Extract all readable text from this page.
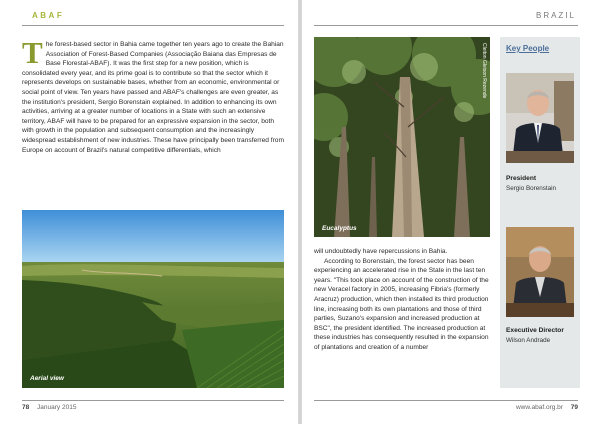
ABAF
T he forest-based sector in Bahia came together ten years ago to create the Bahian Association of Forest-Based Companies (Associação Baiana das Empresas de Base Florestal-ABAF). It was the first step for a new position, which is consolidated every year, and its prime goal is to contribute so that the sector which it represents develops on sustainable bases, whether from an economic, environmental or social point of view. Ten years have passed and ABAF's challenges are even greater, as the institution's president, Sergio Borenstain explained. In addition to enhancing its own activities, arriving at a greater number of locations in a State with such an extensive territory, ABAF will have to be prepared for an expressive expansion in the sector, both with growth in the population and subsequent consumption and the increasingly widespread establishment of new industries. These have principally been transferred from Europe on account of Brazil's natural competitive differentials, which
Aerial view
78 January 2015
BRAZIL
Cleiton Gleison Rezende
Eucalyptus
will undoubtedly have repercussions in Bahia.
According to Borenstain, the forest sector has been experiencing an accelerated rise in the State in the last ten years. "This took place on account of the construction of the new Veracel factory in 2005, increasing Fibria's (formerly Aracruz) production, which then installed its third production line, increasing both its own plantations and those of third parties, Suzano's expansion and increased production at BSC", the president identified. The increased production at these industries has consequently resulted in the expansion of plantations and creation of a number
Key People
President
Sergio Borenstain
Executive Director
Wilson Andrade
www.abaf.org.br 79
